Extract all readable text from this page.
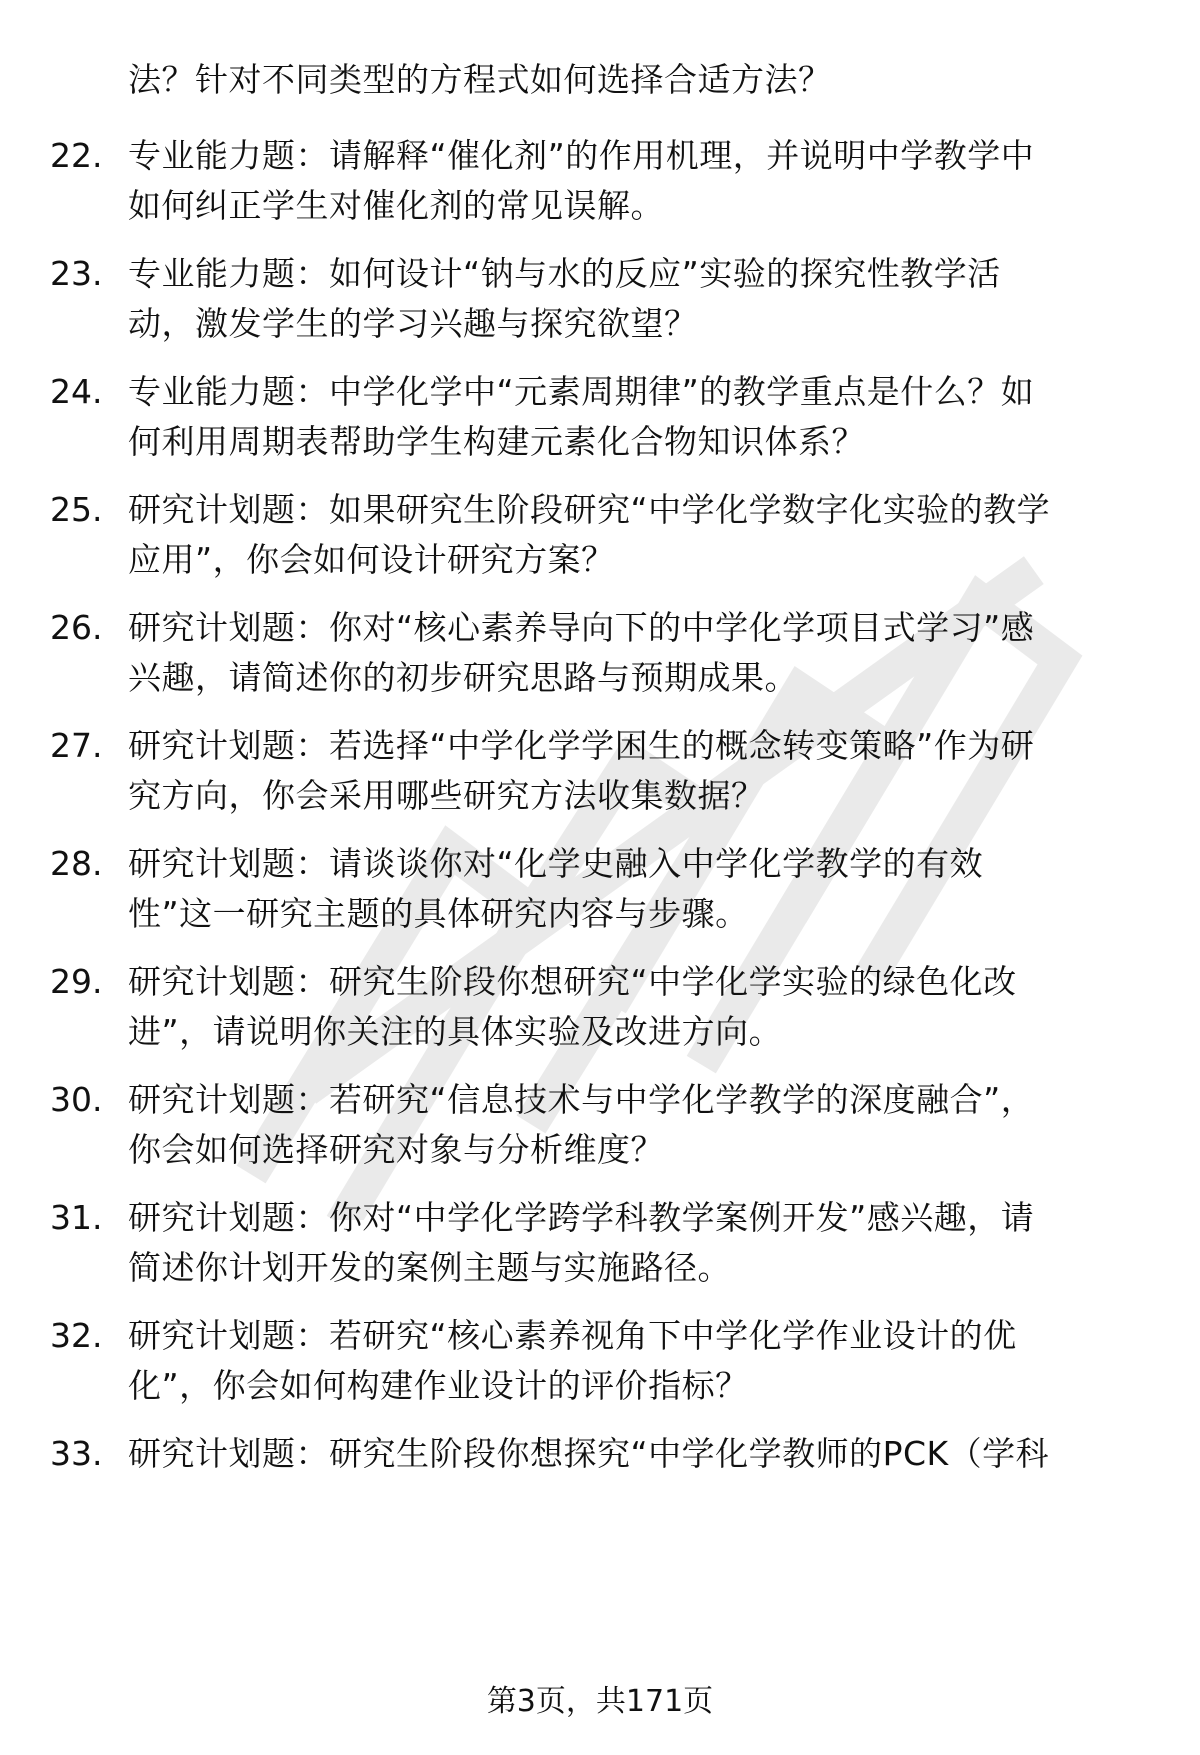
法？针对不同类型的方程式如何选择合适方法？
22. 专业能力题：请解释“催化剂”的作用机理，并说明中学教学中
如何纠正学生对催化剂的常见误解。
23. 专业能力题：如何设计“钠与水的反应”实验的探究性教学活
动，激发学生的学习兴趣与探究欲望？
24. 专业能力题：中学化学中“元素周期律”的教学重点是什么？如
何利用周期表帮助学生构建元素化合物知识体系？
25. 研究计划题：如果研究生阶段研究“中学化学数字化实验的教学
应用”，你会如何设计研究方案？
26. 研究计划题：你对“核心素养导向下的中学化学项目式学习”感
兴趣，请简述你的初步研究思路与预期成果。
27. 研究计划题：若选择“中学化学学困生的概念转变策略”作为研
究方向，你会采用哪些研究方法收集数据？
28. 研究计划题：请谈谈你对“化学史融入中学化学教学的有效
性”这一研究主题的具体研究内容与步骤。
29. 研究计划题：研究生阶段你想研究“中学化学实验的绿色化改
进”，请说明你关注的具体实验及改进方向。
30. 研究计划题：若研究“信息技术与中学化学教学的深度融合”，
你会如何选择研究对象与分析维度？
31. 研究计划题：你对“中学化学跨学科教学案例开发”感兴趣，请
简述你计划开发的案例主题与实施路径。
32. 研究计划题：若研究“核心素养视角下中学化学作业设计的优
化”，你会如何构建作业设计的评价指标？
33. 研究计划题：研究生阶段你想探究“中学化学教师的PCK（学科
第3页，共171页
